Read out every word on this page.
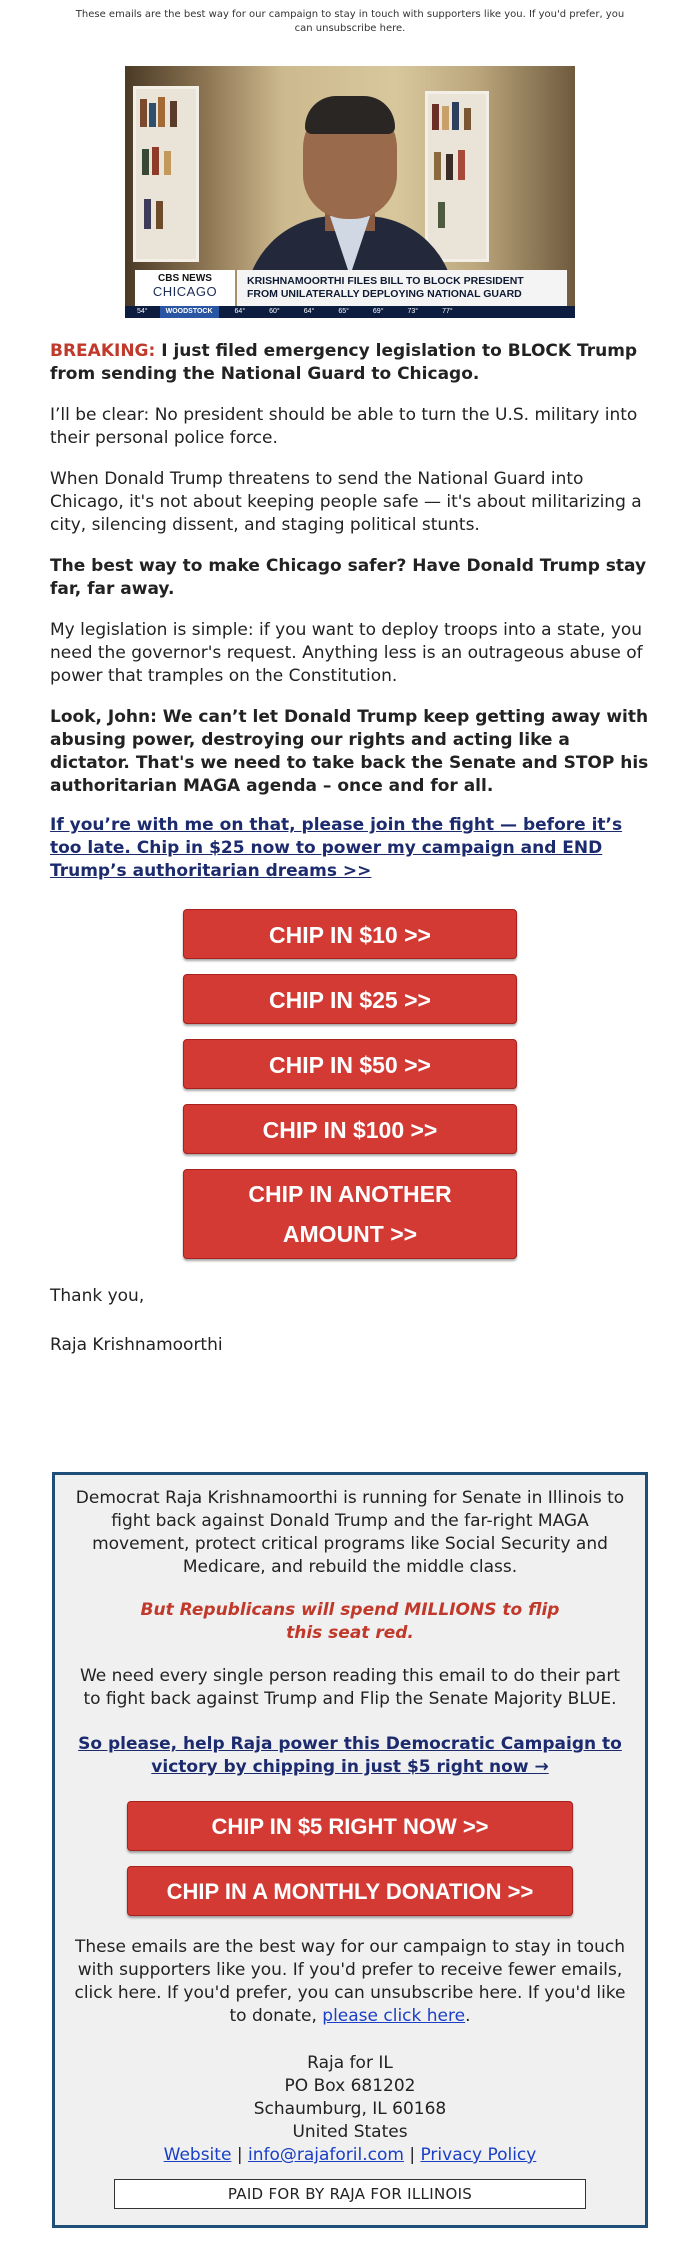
These emails are the best way for our campaign to stay in touch with supporters like you. If you'd prefer, you can unsubscribe here.
CBS NEWS
CHICAGO
KRISHNAMOORTHI FILES BILL TO BLOCK PRESIDENT
FROM UNILATERALLY DEPLOYING NATIONAL GUARD
54°	WOODSTOCK	64°	60°	64°	65°	69°	73°	77°

BREAKING: I just filed emergency legislation to BLOCK Trump from sending the National Guard to Chicago.

I’ll be clear: No president should be able to turn the U.S. military into their personal police force.

When Donald Trump threatens to send the National Guard into Chicago, it's not about keeping people safe — it's about militarizing a city, silencing dissent, and staging political stunts.

The best way to make Chicago safer? Have Donald Trump stay far, far away.

My legislation is simple: if you want to deploy troops into a state, you need the governor's request. Anything less is an outrageous abuse of power that tramples on the Constitution.

Look, John: We can’t let Donald Trump keep getting away with abusing power, destroying our rights and acting like a dictator. That's we need to take back the Senate and STOP his authoritarian MAGA agenda – once and for all.

If you’re with me on that, please join the fight — before it’s too late. Chip in $25 now to power my campaign and END Trump’s authoritarian dreams >>
CHIP IN $10 >>
CHIP IN $25 >>
CHIP IN $50 >>
CHIP IN $100 >>
CHIP IN ANOTHER
AMOUNT >>

Thank you,

Raja Krishnamoorthi

Democrat Raja Krishnamoorthi is running for Senate in Illinois to fight back against Donald Trump and the far-right MAGA movement, protect critical programs like Social Security and Medicare, and rebuild the middle class.

But Republicans will spend MILLIONS to flip this seat red.

We need every single person reading this email to do their part to fight back against Trump and Flip the Senate Majority BLUE.

So please, help Raja power this Democratic Campaign to victory by chipping in just $5 right now →
CHIP IN $5 RIGHT NOW >>
CHIP IN A MONTHLY DONATION >>

These emails are the best way for our campaign to stay in touch with supporters like you. If you'd prefer to receive fewer emails, click here. If you'd prefer, you can unsubscribe here. If you'd like to donate, please click here.

Raja for IL
PO Box 681202
Schaumburg, IL 60168
United States
Website | info@rajaforil.com | Privacy Policy
PAID FOR BY RAJA FOR ILLINOIS
